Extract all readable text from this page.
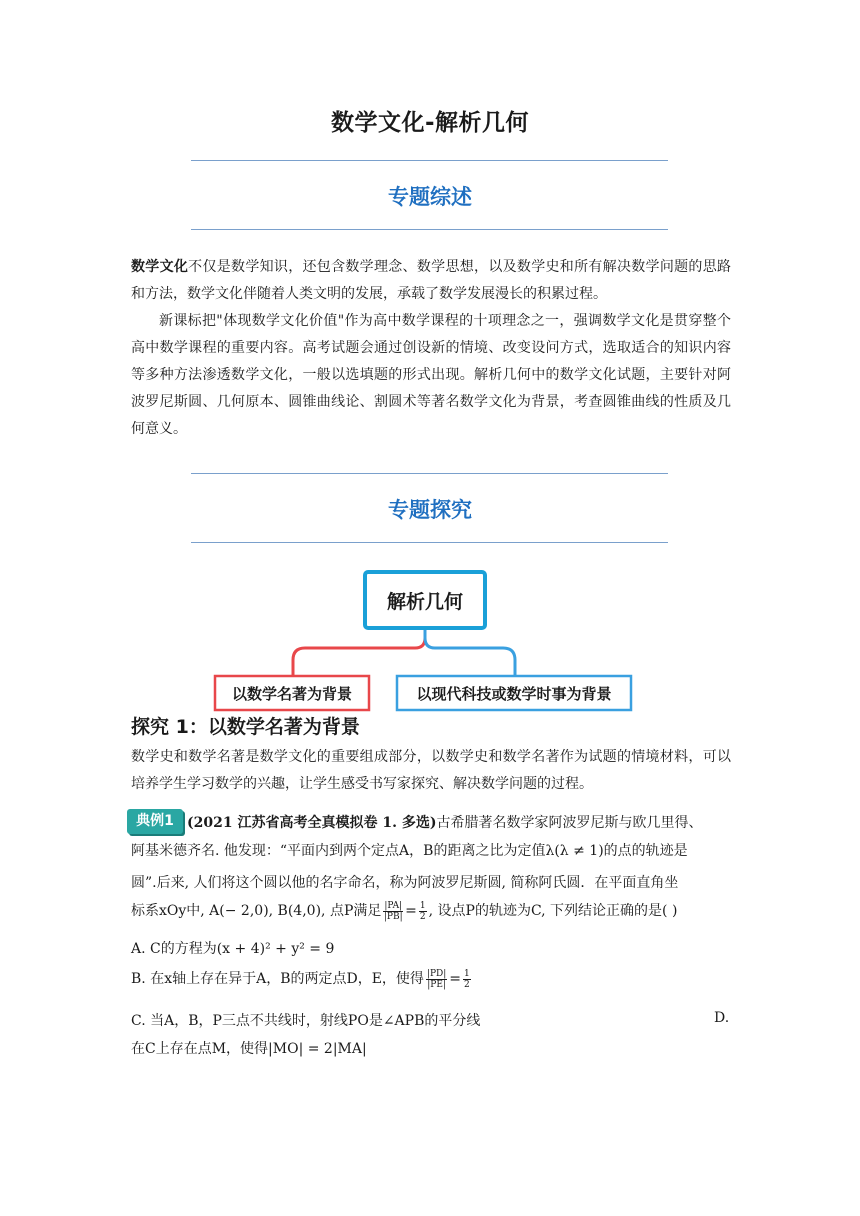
数学文化-解析几何
专题综述

数学文化不仅是数学知识，还包含数学理念、数学思想，以及数学史和所有解决数学问题的思路和方法，数学文化伴随着人类文明的发展，承载了数学发展漫长的积累过程。

新课标把"体现数学文化价值"作为高中数学课程的十项理念之一，强调数学文化是贯穿整个高中数学课程的重要内容。高考试题会通过创设新的情境、改变设问方式，选取适合的知识内容等多种方法渗透数学文化，一般以选填题的形式出现。解析几何中的数学文化试题，主要针对阿波罗尼斯圆、几何原本、圆锥曲线论、割圆术等著名数学文化为背景，考查圆锥曲线的性质及几何意义。

专题探究
解析几何
以数学名著为背景	以现代科技或数学时事为背景
探究 1：以数学名著为背景

数学史和数学名著是数学文化的重要组成部分，以数学史和数学名著作为试题的情境材料，可以培养学生学习数学的兴趣，让学生感受书写家探究、解决数学问题的过程。

典例1 (2021 江苏省高考全真模拟卷 1. 多选)古希腊著名数学家阿波罗尼斯与欧几里得、
阿基米德齐名. 他发现：“平面内到两个定点A，B的距离之比为定值λ(λ ≠ 1)的点的轨迹是
圆”.后来, 人们将这个圆以他的名字命名，称为阿波罗尼斯圆, 简称阿氏圆．在平面直角坐
标系xOy中, A(− 2,0), B(4,0), 点P满足 $\frac{|PA|}{|PB|} = \frac{1}{2}$ , 设点P的轨迹为C, 下列结论正确的是( )
A. C的方程为(x + 4)² + y² = 9
B. 在x轴上存在异于A，B的两定点D，E，使得 $\frac{|PD|}{|PE|} = \frac{1}{2}$
C. 当A，B，P三点不共线时，射线PO是∠APB的平分线	D.
在C上存在点M，使得|MO| = 2|MA|
